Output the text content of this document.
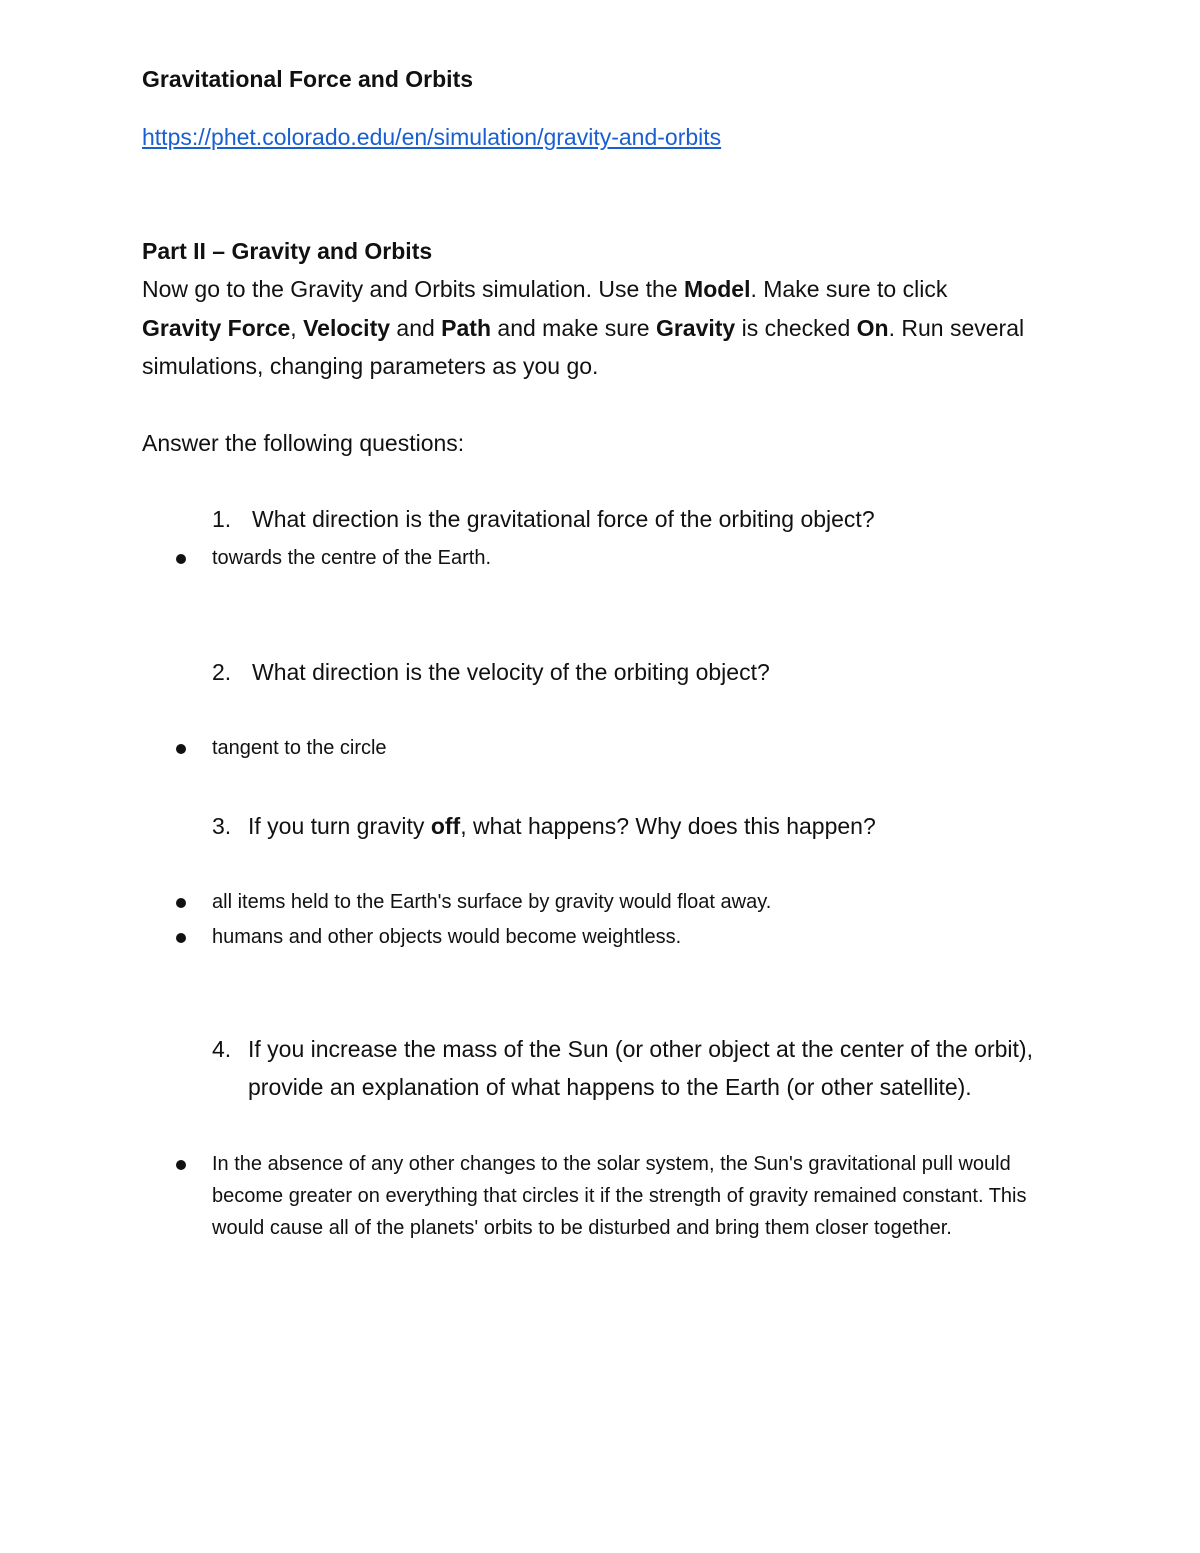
Gravitational Force and Orbits
https://phet.colorado.edu/en/simulation/gravity-and-orbits
Part II – Gravity and Orbits
Now go to the Gravity and Orbits simulation. Use the Model. Make sure to click
Gravity Force, Velocity and Path and make sure Gravity is checked On. Run several simulations, changing parameters as you go.
Answer the following questions:
1. What direction is the gravitational force of the orbiting object?
towards the centre of the Earth.
2. What direction is the velocity of the orbiting object?
tangent to the circle
3. If you turn gravity off, what happens? Why does this happen?
all items held to the Earth's surface by gravity would float away.
humans and other objects would become weightless.
4. If you increase the mass of the Sun (or other object at the center of the orbit), provide an explanation of what happens to the Earth (or other satellite).
In the absence of any other changes to the solar system, the Sun's gravitational pull would become greater on everything that circles it if the strength of gravity remained constant. This would cause all of the planets' orbits to be disturbed and bring them closer together.
